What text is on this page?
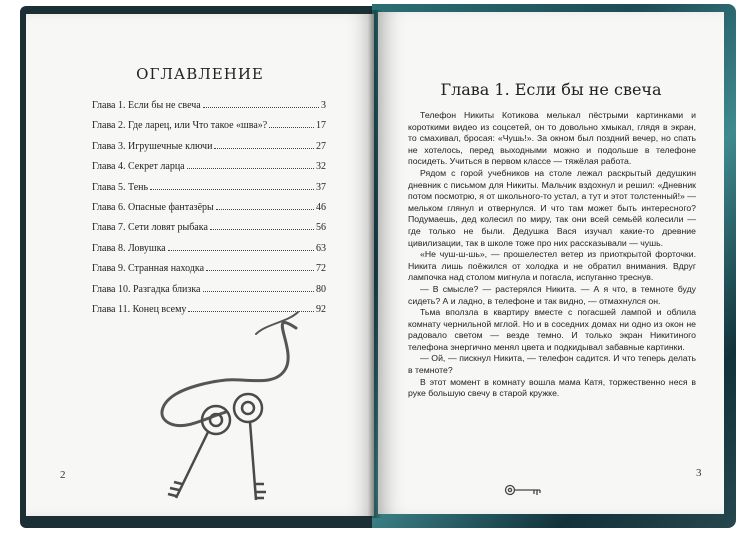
ОГЛАВЛЕНИЕ
Глава 1. Если бы не свеча	3
Глава 2. Где ларец, или Что такое «шва»?	17
Глава 3. Игрушечные ключи	27
Глава 4. Секрет ларца	32
Глава 5. Тень	37
Глава 6. Опасные фантазёры	46
Глава 7. Сети ловят рыбака	56
Глава 8. Ловушка	63
Глава 9. Странная находка	72
Глава 10. Разгадка близка	80
Глава 11. Конец всему	92
2
Глава 1. Если бы не свеча

Телефон Никиты Котикова мелькал пёстрыми картинками и короткими видео из соцсетей, он то довольно хмыкал, глядя в экран, то смахивал, бросая: «Чушь!». За окном был поздний вечер, но спать не хотелось, перед выходными можно и подольше в телефоне посидеть. Учиться в первом классе — тяжёлая работа.

Рядом с горой учебников на столе лежал раскрытый дедушкин дневник с письмом для Никиты. Мальчик вздохнул и решил: «Дневник потом посмотрю, я от школьного-то устал, а тут и этот толстенный!» — мельком глянул и отвернулся. И что там может быть интересного? Подумаешь, дед колесил по миру, так они всей семьёй колесили — где только не были. Дедушка Вася изучал какие-то древние цивилизации, так в школе тоже про них рассказывали — чушь.

«Не чуш-ш-шь», — прошелестел ветер из приоткрытой форточки. Никита лишь поёжился от холодка и не обратил внимания. Вдруг лампочка над столом мигнула и погасла, испуганно треснув.

— В смысле? — растерялся Никита. — А я что, в темноте буду сидеть? А и ладно, в телефоне и так видно, — отмахнулся он.

Тьма вползла в квартиру вместе с погасшей лампой и облила комнату чернильной мглой. Но и в соседних домах ни одно из окон не радовало светом — везде темно. И только экран Никитиного телефона энергично менял цвета и подкидывал забавные картинки.

— Ой, — пискнул Никита, — телефон садится. И что теперь делать в темноте?

В этот момент в комнату вошла мама Катя, торжественно неся в руке большую свечу в старой кружке.

3
